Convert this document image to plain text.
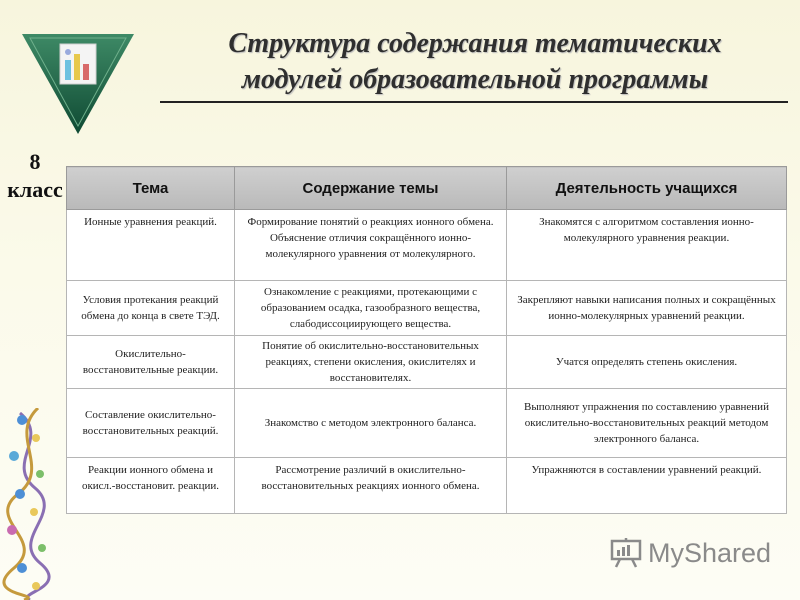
8
класс
Структура содержания тематических
модулей образовательной программы
Тема	Содержание темы	Деятельность учащихся
Ионные уравнения реакций.	Формирование понятий о реакциях ионного обмена. Объяснение отличия сокращённого ионно-молекулярного уравнения от молекулярного.	Знакомятся с алгоритмом составления ионно-молекулярного уравнения реакции.
Условия протекания реакций обмена до конца в свете ТЭД.	Ознакомление с реакциями, протекающими с образованием осадка, газообразного вещества, слабодиссоциирующего вещества.	Закрепляют навыки написания полных и сокращённых ионно-молекулярных уравнений реакции.
Окислительно-восстановительные реакции.	Понятие об окислительно-восстановительных реакциях, степени окисления, окислителях и восстановителях.	Учатся определять степень окисления.
Составление окислительно-восстановительных реакций.	Знакомство с методом электронного баланса.	Выполняют упражнения по составлению уравнений окислительно-восстановительных реакций методом электронного баланса.
Реакции ионного обмена и окисл.-восстановит. реакции.	Рассмотрение различий в окислительно-восстановительных реакциях ионного обмена.	Упражняются в составлении уравнений реакций.
MyShared
